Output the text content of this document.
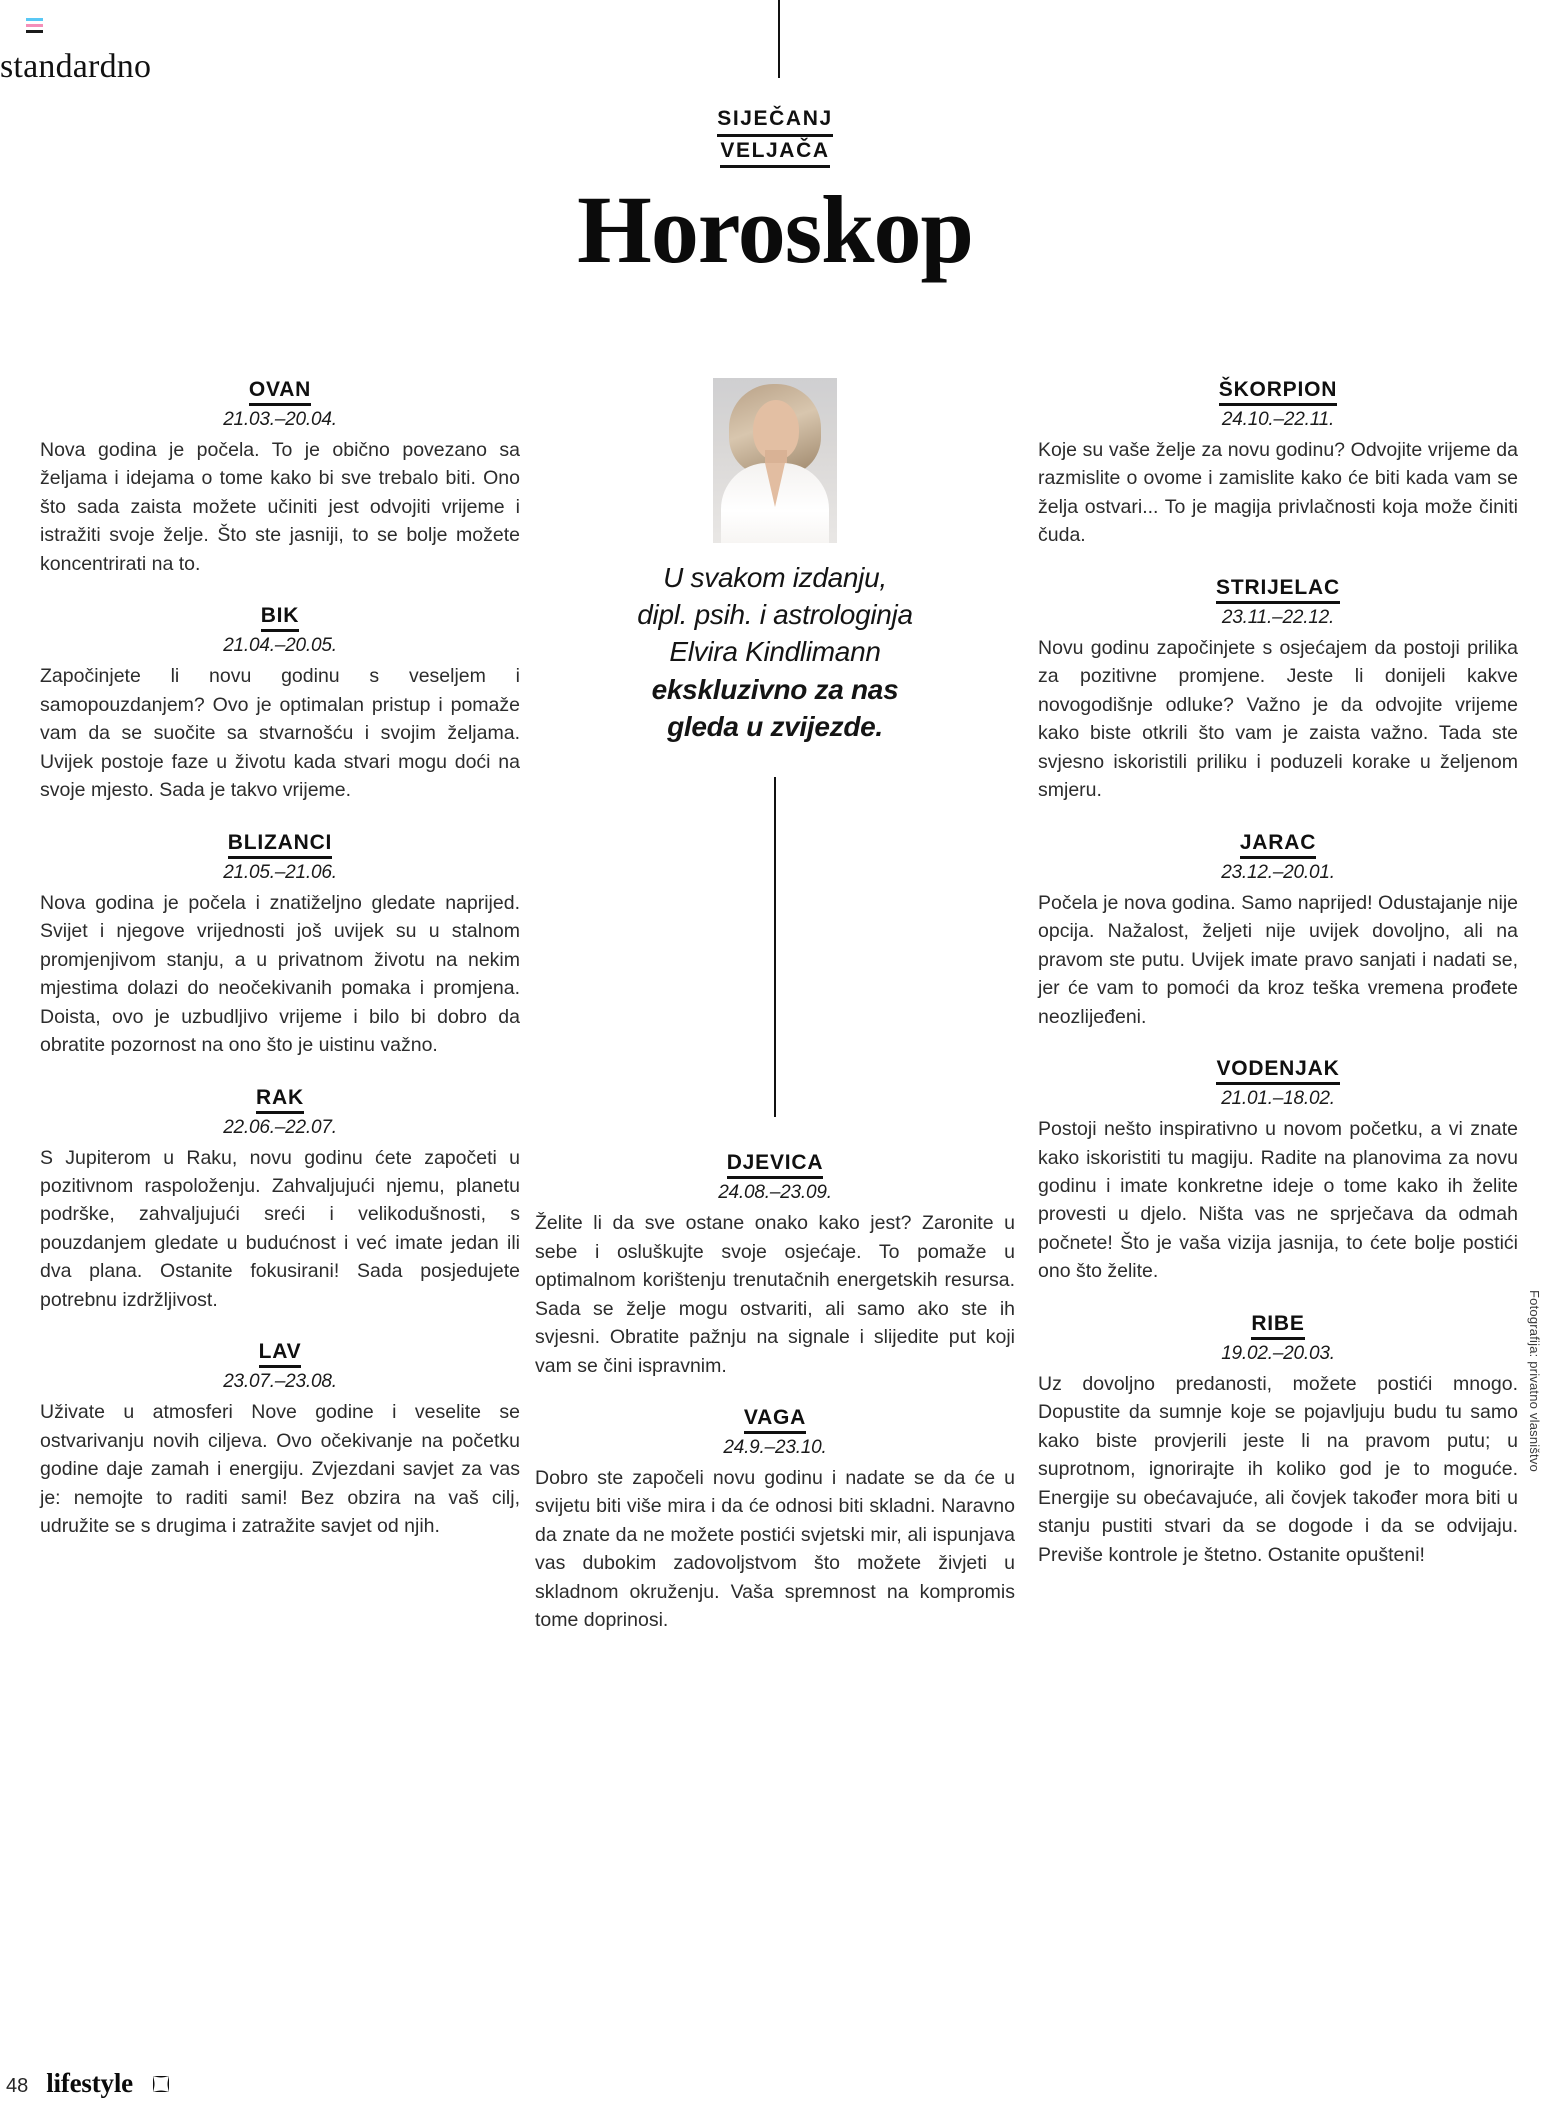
standardno
SIJEČANJ
VELJAČA
Horoskop
OVAN
21.03.–20.04.
Nova godina je počela. To je obično povezano sa željama i idejama o tome kako bi sve trebalo biti. Ono što sada zaista možete učiniti jest odvojiti vrijeme i istražiti svoje želje. Što ste jasniji, to se bolje možete koncentrirati na to.
BIK
21.04.–20.05.
Započinjete li novu godinu s veseljem i samopouzdanjem? Ovo je optimalan pristup i pomaže vam da se suočite sa stvarnošću i svojim željama. Uvijek postoje faze u životu kada stvari mogu doći na svoje mjesto. Sada je takvo vrijeme.
BLIZANCI
21.05.–21.06.
Nova godina je počela i znatiželjno gledate naprijed. Svijet i njegove vrijednosti još uvijek su u stalnom promjenjivom stanju, a u privatnom životu na nekim mjestima dolazi do neočekivanih pomaka i promjena. Doista, ovo je uzbudljivo vrijeme i bilo bi dobro da obratite pozornost na ono što je uistinu važno.
RAK
22.06.–22.07.
S Jupiterom u Raku, novu godinu ćete započeti u pozitivnom raspoloženju. Zahvaljujući njemu, planetu podrške, zahvaljujući sreći i velikodušnosti, s pouzdanjem gledate u budućnost i već imate jedan ili dva plana. Ostanite fokusirani! Sada posjedujete potrebnu izdržljivost.
LAV
23.07.–23.08.
Uživate u atmosferi Nove godine i veselite se ostvarivanju novih ciljeva. Ovo očekivanje na početku godine daje zamah i energiju. Zvjezdani savjet za vas je: nemojte to raditi sami! Bez obzira na vaš cilj, udružite se s drugima i zatražite savjet od njih.
U svakom izdanju,
dipl. psih. i astrologinja
Elvira Kindlimann
ekskluzivno za nas
gleda u zvijezde.
DJEVICA
24.08.–23.09.
Želite li da sve ostane onako kako jest? Zaronite u sebe i osluškujte svoje osjećaje. To pomaže u optimalnom korištenju trenutačnih energetskih resursa. Sada se želje mogu ostvariti, ali samo ako ste ih svjesni. Obratite pažnju na signale i slijedite put koji vam se čini ispravnim.
VAGA
24.9.–23.10.
Dobro ste započeli novu godinu i nadate se da će u svijetu biti više mira i da će odnosi biti skladni. Naravno da znate da ne možete postići svjetski mir, ali ispunjava vas dubokim zadovoljstvom što možete živjeti u skladnom okruženju. Vaša spremnost na kompromis tome doprinosi.
ŠKORPION
24.10.–22.11.
Koje su vaše želje za novu godinu? Odvojite vrijeme da razmislite o ovome i zamislite kako će biti kada vam se želja ostvari... To je magija privlačnosti koja može činiti čuda.
STRIJELAC
23.11.–22.12.
Novu godinu započinjete s osjećajem da postoji prilika za pozitivne promjene. Jeste li donijeli kakve novogodišnje odluke? Važno je da odvojite vrijeme kako biste otkrili što vam je zaista važno. Tada ste svjesno iskoristili priliku i poduzeli korake u željenom smjeru.
JARAC
23.12.–20.01.
Počela je nova godina. Samo naprijed! Odustajanje nije opcija. Nažalost, željeti nije uvijek dovoljno, ali na pravom ste putu. Uvijek imate pravo sanjati i nadati se, jer će vam to pomoći da kroz teška vremena prođete neozlijeđeni.
VODENJAK
21.01.–18.02.
Postoji nešto inspirativno u novom početku, a vi znate kako iskoristiti tu magiju. Radite na planovima za novu godinu i imate konkretne ideje o tome kako ih želite provesti u djelo. Ništa vas ne sprječava da odmah počnete! Što je vaša vizija jasnija, to ćete bolje postići ono što želite.
RIBE
19.02.–20.03.
Uz dovoljno predanosti, možete postići mnogo. Dopustite da sumnje koje se pojavljuju budu tu samo kako biste provjerili jeste li na pravom putu; u suprotnom, ignorirajte ih koliko god je to moguće. Energije su obećavajuće, ali čovjek također mora biti u stanju pustiti stvari da se dogode i da se odvijaju. Previše kontrole je štetno. Ostanite opušteni!
Fotografija: privatno vlasništvo
48 lifestyle
